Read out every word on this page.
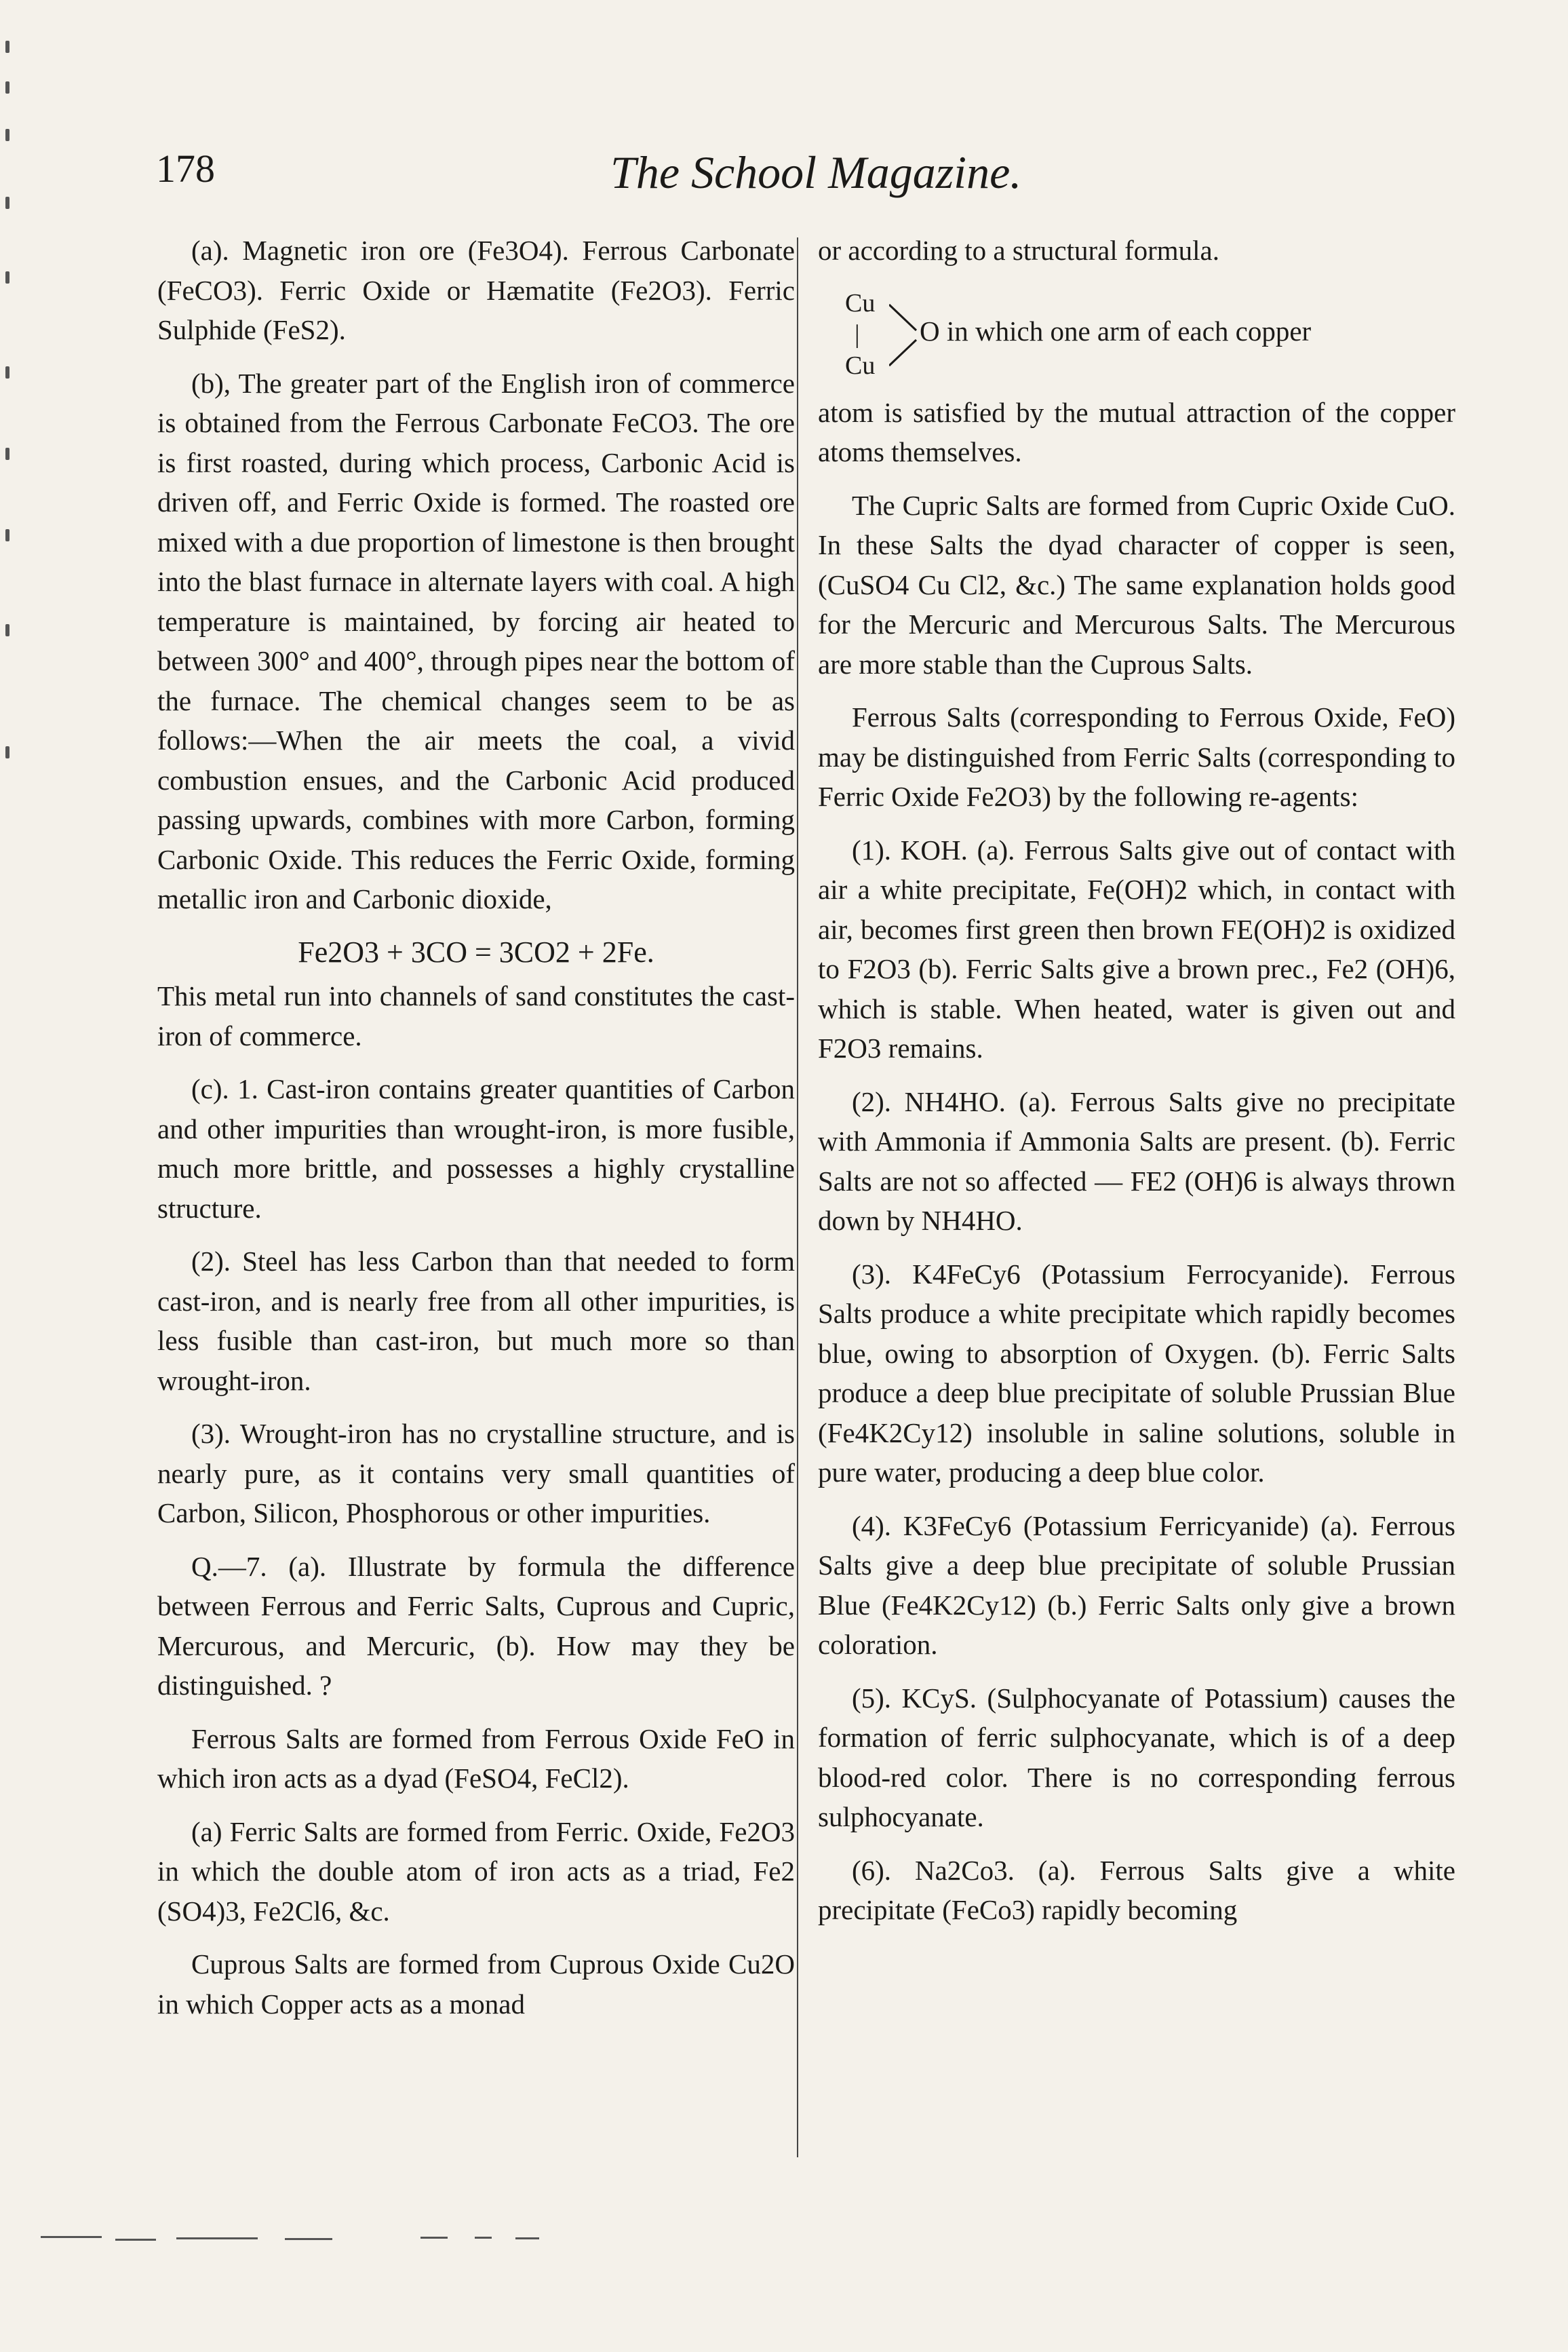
178	The School Magazine.

(a). Magnetic iron ore (Fe3O4). Ferrous Carbonate (FeCO3). Ferric Oxide or Hæmatite (Fe2O3). Ferric Sulphide (FeS2).

(b), The greater part of the English iron of commerce is obtained from the Ferrous Carbonate FeCO3. The ore is first roasted, during which process, Carbonic Acid is driven off, and Ferric Oxide is formed. The roasted ore mixed with a due proportion of limestone is then brought into the blast furnace in alternate layers with coal. A high temperature is maintained, by forcing air heated to between 300° and 400°, through pipes near the bottom of the furnace. The chemical changes seem to be as follows:—When the air meets the coal, a vivid combustion ensues, and the Carbonic Acid produced passing upwards, combines with more Carbon, forming Carbonic Oxide. This reduces the Ferric Oxide, forming metallic iron and Carbonic dioxide,

Fe2O3 + 3CO = 3CO2 + 2Fe.

This metal run into channels of sand constitutes the cast-iron of commerce.

(c). 1. Cast-iron contains greater quantities of Carbon and other impurities than wrought-iron, is more fusible, much more brittle, and possesses a highly crystalline structure.

(2). Steel has less Carbon than that needed to form cast-iron, and is nearly free from all other impurities, is less fusible than cast-iron, but much more so than wrought-iron.

(3). Wrought-iron has no crystalline structure, and is nearly pure, as it contains very small quantities of Carbon, Silicon, Phosphorous or other impurities.

Q.—7. (a). Illustrate by formula the difference between Ferrous and Ferric Salts, Cuprous and Cupric, Mercurous, and Mercuric, (b). How may they be distinguished. ?

Ferrous Salts are formed from Ferrous Oxide FeO in which iron acts as a dyad (FeSO4, FeCl2).

(a) Ferric Salts are formed from Ferric. Oxide, Fe2O3 in which the double atom of iron acts as a triad, Fe2 (SO4)3, Fe2Cl6, &c.

Cuprous Salts are formed from Cuprous Oxide Cu2O in which Copper acts as a monad

or according to a structural formula.

Cu
|
Cu
O in which one arm of each copper

atom is satisfied by the mutual attraction of the copper atoms themselves.

The Cupric Salts are formed from Cupric Oxide CuO. In these Salts the dyad character of copper is seen, (CuSO4 Cu Cl2, &c.) The same explanation holds good for the Mercuric and Mercurous Salts. The Mercurous are more stable than the Cuprous Salts.

Ferrous Salts (corresponding to Ferrous Oxide, FeO) may be distinguished from Ferric Salts (corresponding to Ferric Oxide Fe2O3) by the following re-agents:

(1). KOH. (a). Ferrous Salts give out of contact with air a white precipitate, Fe(OH)2 which, in contact with air, becomes first green then brown FE(OH)2 is oxidized to F2O3 (b). Ferric Salts give a brown prec., Fe2 (OH)6, which is stable. When heated, water is given out and F2O3 remains.

(2). NH4HO. (a). Ferrous Salts give no precipitate with Ammonia if Ammonia Salts are present. (b). Ferric Salts are not so affected — FE2 (OH)6 is always thrown down by NH4HO.

(3). K4FeCy6 (Potassium Ferrocyanide). Ferrous Salts produce a white precipitate which rapidly becomes blue, owing to absorption of Oxygen. (b). Ferric Salts produce a deep blue precipitate of soluble Prussian Blue (Fe4K2Cy12) insoluble in saline solutions, soluble in pure water, producing a deep blue color.

(4). K3FeCy6 (Potassium Ferricyanide) (a). Ferrous Salts give a deep blue precipitate of soluble Prussian Blue (Fe4K2Cy12) (b.) Ferric Salts only give a brown coloration.

(5). KCyS. (Sulphocyanate of Potassium) causes the formation of ferric sulphocyanate, which is of a deep blood-red color. There is no corresponding ferrous sulphocyanate.

(6). Na2Co3. (a). Ferrous Salts give a white precipitate (FeCo3) rapidly becoming
